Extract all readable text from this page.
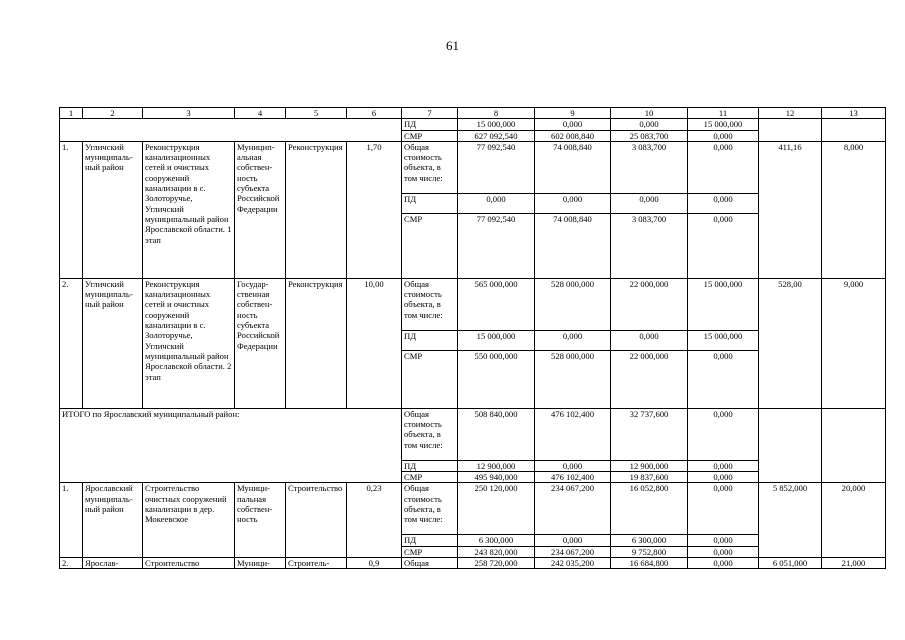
61
1	2	3	4	5	6	7	8	9	10	11	12	13
						ПД	15 000,000	0,000	0,000	15 000,000		
						СМР	627 092,540	602 008,840	25 083,700	0,000		
1.	Угличский муниципальный район	Реконструкция канализационных сетей и очистных сооружений канализации в с. Золоторучье, Угличский муниципальный район Ярославской области. 1 этап	Муниципальная собственность субъекта Российской Федерации	Реконструкция	1,70	Общая стоимость объекта, в том числе:	77 092,540	74 008,840	3 083,700	0,000	411,16	8,000
						ПД	0,000	0,000	0,000	0,000		
						СМР	77 092,540	74 008,840	3 083,700	0,000		
2.	Угличский муниципальный район	Реконструкция канализационных сетей и очистных сооружений канализации в с. Золоторучье, Угличский муниципальный район Ярославской области. 2 этап	Государственная собственность субъекта Российской Федерации	Реконструкция	10,00	Общая стоимость объекта, в том числе:	565 000,000	528 000,000	22 000,000	15 000,000	528,00	9,000
						ПД	15 000,000	0,000	0,000	15 000,000		
						СМР	550 000,000	528 000,000	22 000,000	0,000		
ИТОГО по Ярославский муниципальный район:						Общая стоимость объекта, в том числе:	508 840,000	476 102,400	32 737,600	0,000		
						ПД	12 900,000	0,000	12 900,000	0,000		
						СМР	495 940,000	476 102,400	19 837,600	0,000		
1.	Ярославский муниципальный район	Строительство очистных сооружений канализации в дер. Мокеевское	Муниципальная собственность	Строительство	0,23	Общая стоимость объекта, в том числе:	250 120,000	234 067,200	16 052,800	0,000	5 852,000	20,000
						ПД	6 300,000	0,000	6 300,000	0,000		
						СМР	243 820,000	234 067,200	9 752,800	0,000		
2.	Ярослав-	Строительство	Муници-	Строитель-	0,9	Общая	258 720,000	242 035,200	16 684,800	0,000	6 051,000	21,000
